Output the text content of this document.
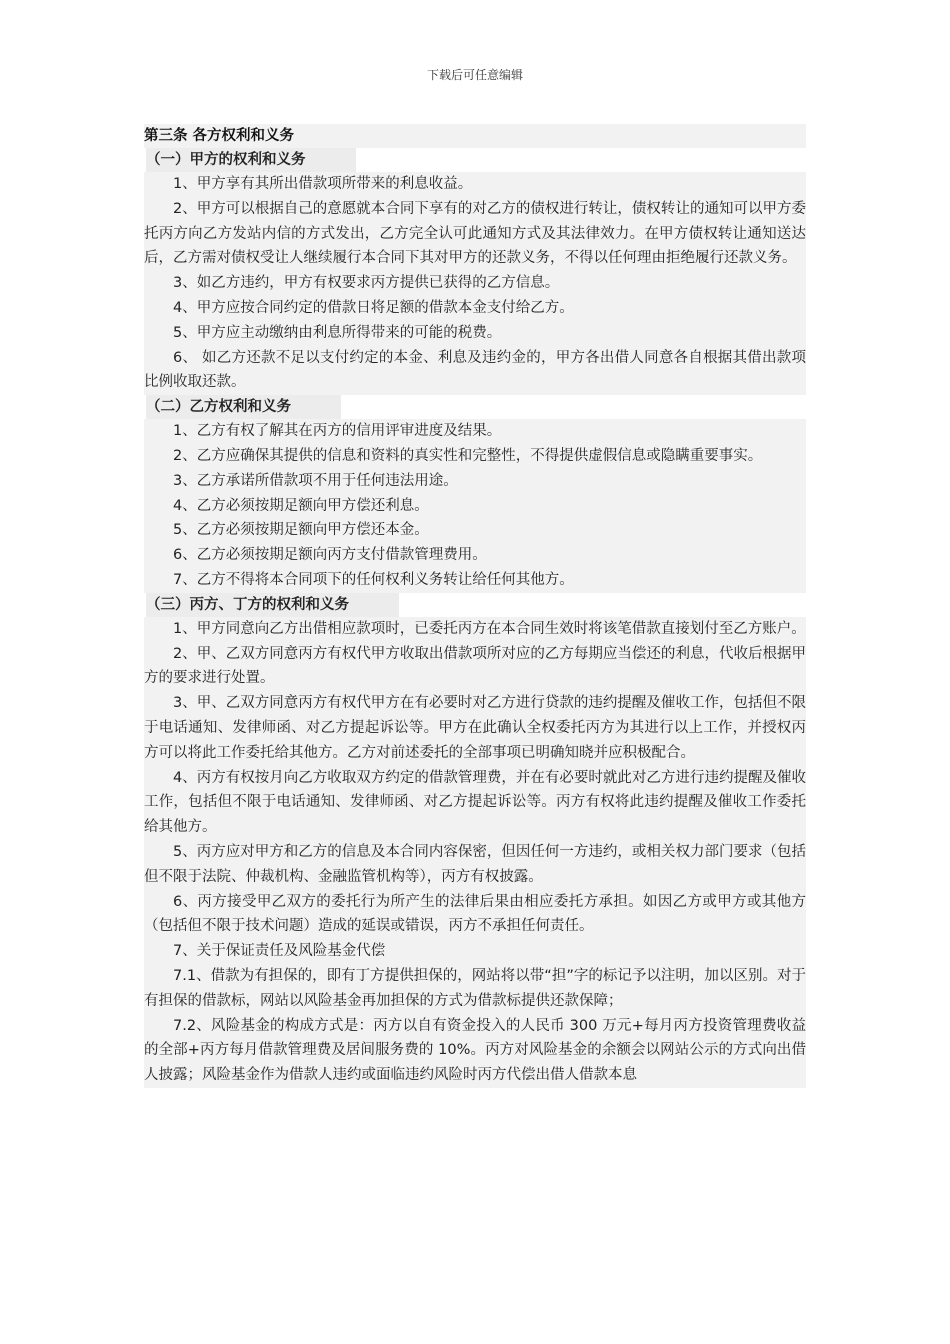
下载后可任意编辑
第三条 各方权利和义务
（一）甲方的权利和义务

1、甲方享有其所出借款项所带来的利息收益。

2、甲方可以根据自己的意愿就本合同下享有的对乙方的债权进行转让，债权转让的通知可以甲方委托丙方向乙方发站内信的方式发出，乙方完全认可此通知方式及其法律效力。在甲方债权转让通知送达后，乙方需对债权受让人继续履行本合同下其对甲方的还款义务，不得以任何理由拒绝履行还款义务。

3、如乙方违约，甲方有权要求丙方提供已获得的乙方信息。

4、甲方应按合同约定的借款日将足额的借款本金支付给乙方。

5、甲方应主动缴纳由利息所得带来的可能的税费。

6、 如乙方还款不足以支付约定的本金、利息及违约金的，甲方各出借人同意各自根据其借出款项比例收取还款。

（二）乙方权利和义务

1、乙方有权了解其在丙方的信用评审进度及结果。

2、乙方应确保其提供的信息和资料的真实性和完整性，不得提供虚假信息或隐瞒重要事实。

3、乙方承诺所借款项不用于任何违法用途。

4、乙方必须按期足额向甲方偿还利息。

5、乙方必须按期足额向甲方偿还本金。

6、乙方必须按期足额向丙方支付借款管理费用。

7、乙方不得将本合同项下的任何权利义务转让给任何其他方。

（三）丙方、丁方的权利和义务

1、甲方同意向乙方出借相应款项时，已委托丙方在本合同生效时将该笔借款直接划付至乙方账户。

2、甲、乙双方同意丙方有权代甲方收取出借款项所对应的乙方每期应当偿还的利息，代收后根据甲方的要求进行处置。

3、甲、乙双方同意丙方有权代甲方在有必要时对乙方进行贷款的违约提醒及催收工作，包括但不限于电话通知、发律师函、对乙方提起诉讼等。甲方在此确认全权委托丙方为其进行以上工作，并授权丙方可以将此工作委托给其他方。乙方对前述委托的全部事项已明确知晓并应积极配合。

4、丙方有权按月向乙方收取双方约定的借款管理费，并在有必要时就此对乙方进行违约提醒及催收工作，包括但不限于电话通知、发律师函、对乙方提起诉讼等。丙方有权将此违约提醒及催收工作委托给其他方。

5、丙方应对甲方和乙方的信息及本合同内容保密，但因任何一方违约，或相关权力部门要求（包括但不限于法院、仲裁机构、金融监管机构等），丙方有权披露。

6、丙方接受甲乙双方的委托行为所产生的法律后果由相应委托方承担。如因乙方或甲方或其他方（包括但不限于技术问题）造成的延误或错误，丙方不承担任何责任。

7、关于保证责任及风险基金代偿

7.1、借款为有担保的，即有丁方提供担保的，网站将以带“担”字的标记予以注明，加以区别。对于有担保的借款标，网站以风险基金再加担保的方式为借款标提供还款保障；

7.2、风险基金的构成方式是：丙方以自有资金投入的人民币 300 万元+每月丙方投资管理费收益的全部+丙方每月借款管理费及居间服务费的 10%。丙方对风险基金的余额会以网站公示的方式向出借人披露；风险基金作为借款人违约或面临违约风险时丙方代偿出借人借款本息
